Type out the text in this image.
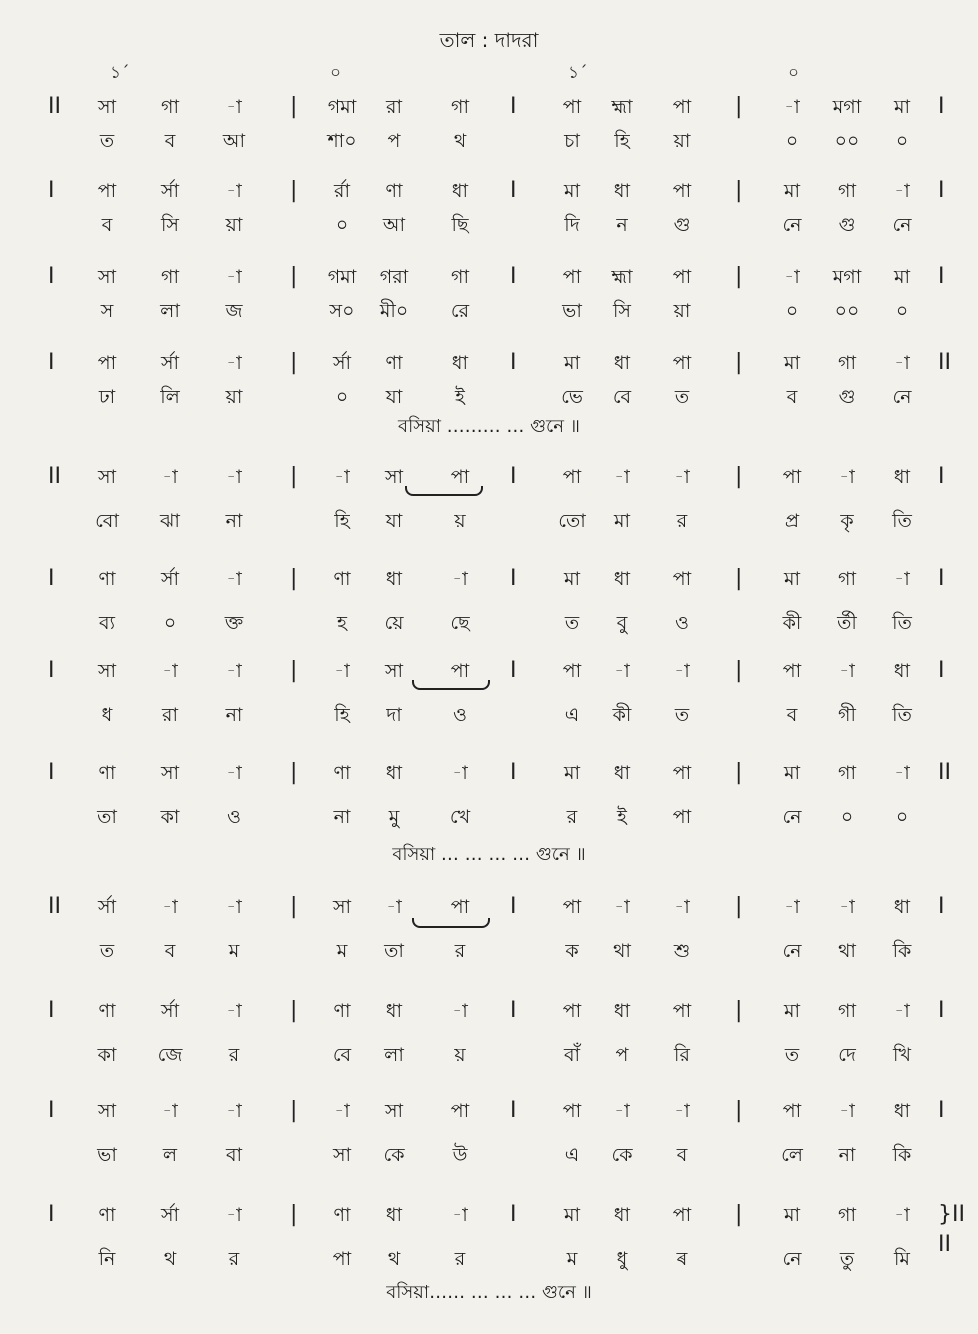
তাল : দাদরা
১´	০	১´	০
II	সা	গা	-া	|	গমা	রা	গা	I	পা	হ্মা	পা	|	-া	মগা	মা	I
ত	ব	আ	শা০	প	থ	চা	হি	য়া	০	০০	০
I	পা	র্সা	-া	|	র্রা	ণা	ধা	I	মা	ধা	পা	|	মা	গা	-া	I
ব	সি	য়া	০	আ	ছি	দি	ন	গু	নে	গু	নে
I	সা	গা	-া	|	গমা	গরা	গা	I	পা	হ্মা	পা	|	-া	মগা	মা	I
স	লা	জ	স০	মী০	রে	ভা	সি	য়া	০	০০	০
I	পা	র্সা	-া	|	র্সা	ণা	ধা	I	মা	ধা	পা	|	মা	গা	-া	II
ঢা	লি	য়া	০	যা	ই	ভে	বে	ত	ব	গু	নে
বসিয়া ……… … গুনে ॥
II	সা	-া	-া	|	-া	সা	পা	I	পা	-া	-া	|	পা	-া	ধা	I
বো	ঝা	না	হি	যা	য়	তো	মা	র	প্র	কৃ	তি
I	ণা	র্সা	-া	|	ণা	ধা	-া	I	মা	ধা	পা	|	মা	গা	-া	I
ব্য	০	ক্ত	হ	য়ে	ছে	ত	বু	ও	কী	র্তী	তি
I	সা	-া	-া	|	-া	সা	পা	I	পা	-া	-া	|	পা	-া	ধা	I
ধ	রা	না	হি	দা	ও	এ	কী	ত	ব	গী	তি
I	ণা	সা	-া	|	ণা	ধা	-া	I	মা	ধা	পা	|	মা	গা	-া	II
তা	কা	ও	না	মু	খে	র	ই	পা	নে	০	০
বসিয়া … … … … গুনে ॥
II	র্সা	-া	-া	|	সা	-া	পা	I	পা	-া	-া	|	-া	-া	ধা	I
ত	ব	ম	ম	তা	র	ক	থা	শু	নে	থা	কি
I	ণা	র্সা	-া	|	ণা	ধা	-া	I	পা	ধা	পা	|	মা	গা	-া	I
কা	জে	র	বে	লা	য়	বাঁ	প	রি	ত	দে	খি
I	সা	-া	-া	|	-া	সা	পা	I	পা	-া	-া	|	পা	-া	ধা	I
ভা	ল	বা	সা	কে	উ	এ	কে	ব	লে	না	কি
I	ণা	র্সা	-া	|	ণা	ধা	-া	I	মা	ধা	পা	|	মা	গা	-া	}II II
নি	থ	র	পা	থ	র	ম	ধু	ৰ	নে	তু	মি
বসিয়া…… … … … গুনে ॥
